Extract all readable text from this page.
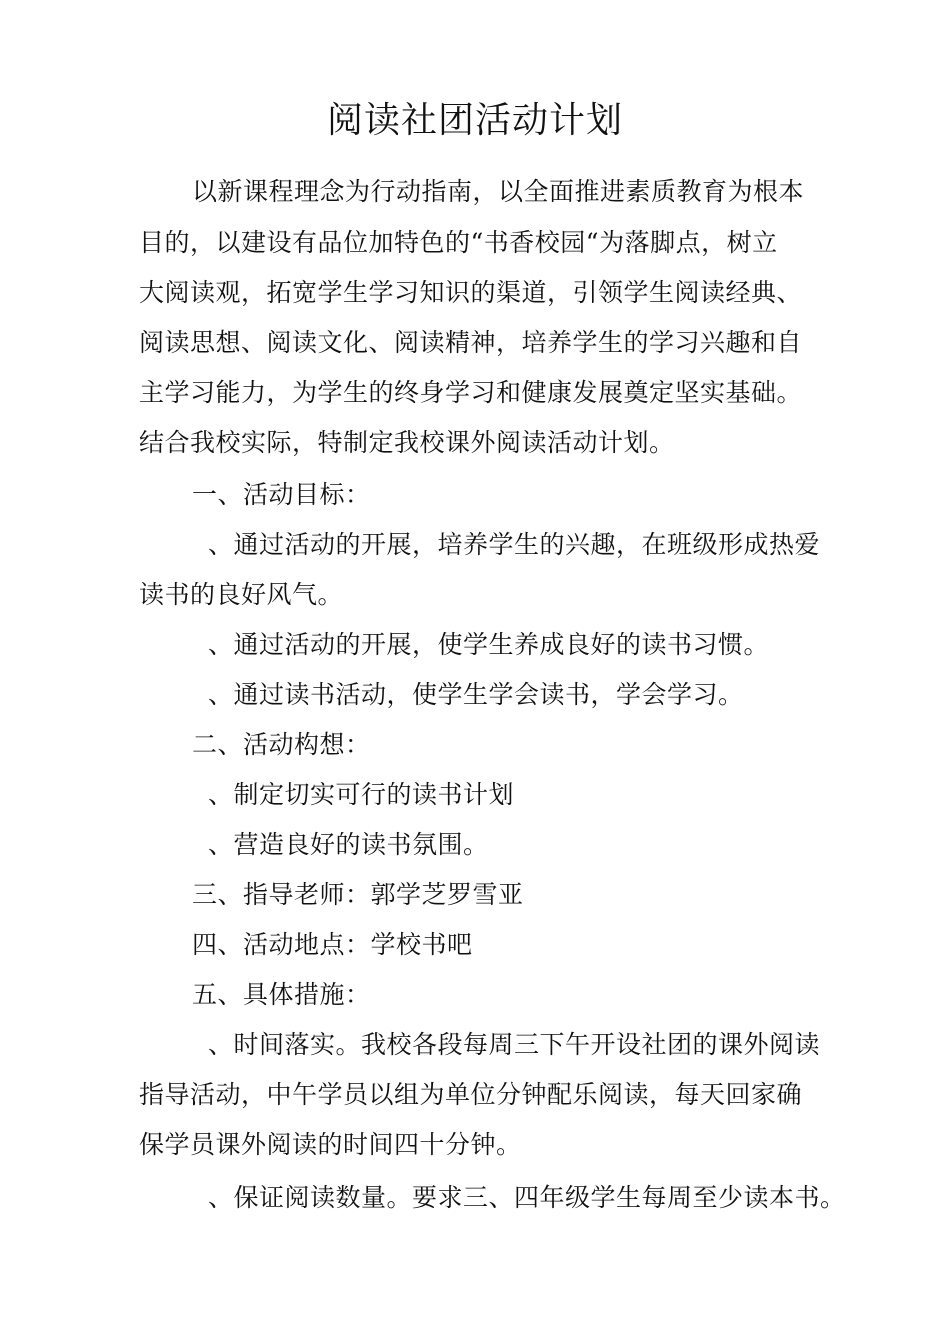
阅读社团活动计划
以新课程理念为行动指南，以全面推进素质教育为根本
目的，以建设有品位加特色的“书香校园“为落脚点，树立
大阅读观，拓宽学生学习知识的渠道，引领学生阅读经典、
阅读思想、阅读文化、阅读精神，培养学生的学习兴趣和自
主学习能力，为学生的终身学习和健康发展奠定坚实基础。
结合我校实际，特制定我校课外阅读活动计划。
一、活动目标：
、通过活动的开展，培养学生的兴趣，在班级形成热爱
读书的良好风气。
、通过活动的开展，使学生养成良好的读书习惯。
、通过读书活动，使学生学会读书，学会学习。
二、活动构想：
、制定切实可行的读书计划
、营造良好的读书氛围。
三、指导老师：郭学芝罗雪亚
四、活动地点：学校书吧
五、具体措施：
、时间落实。我校各段每周三下午开设社团的课外阅读
指导活动，中午学员以组为单位分钟配乐阅读，每天回家确
保学员课外阅读的时间四十分钟。
、保证阅读数量。要求三、四年级学生每周至少读本书。
